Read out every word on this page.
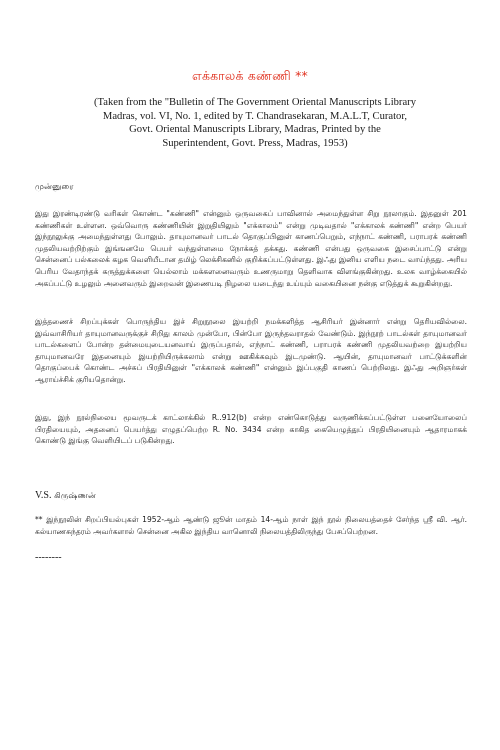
எக்காலக் கண்ணி **
(Taken from the "Bulletin of The Government Oriental Manuscripts Library
Madras, vol. VI, No. 1, edited by T. Chandrasekaran, M.A.L.T, Curator,
Govt. Oriental Manuscripts Library, Madras, Printed by the
Superintendent, Govt. Press, Madras, 1953)
முன்னுரை

இது இரண்டிரண்டு வரிகள் கொண்ட "கண்ணி" என்னும் ஒருவகைப் பாவினால் அமைந்துள்ள சிறு நூலாகும். இதனுள் 201 கண்ணிகள் உள்ளன. ஒவ்வொரு கண்ணியின் இறுதியிலும் "எக்காலம்" என்று முடிவதால் "எக்காலக் கண்ணி" என்ற பெயர் இந்நூலுக்கு அமைந்துள்ளது போலும். தாயுமானவர் பாடல் தொகுப்பினுள் காணப்பெறும், எந்நாட் கண்ணி, பராபரக் கண்ணி முதலியவற்றிற்கும் இங்ஙனமே பெயர் வந்துள்ளமை நோக்கத் தக்கது. கண்ணி என்பது ஒருவகை இசைப்பாட்டு என்று சென்னைப் பல்கலைக் கழக வெளியீடான தமிழ் லெக்சிகனில் குறிக்கப்பட்டுள்ளது. இஃது இனிய எளிய நடை வாய்ந்தது. அரிய பெரிய வேதாந்தக் கருத்துக்களை யெல்லாம் மக்களனைவரும் உணருமாறு தெளிவாக விளங்குகின்றது. உலக வாழ்க்கையில் அகப்பட்டு உழலும் அனைவரும் இறைவன் இணையடி நிழலை யடைந்து உய்யும் வகையினை நன்கு எடுத்துக் கூறுகின்றது.

இத்தணைச் சிறப்புக்கள் பொருந்திய இச் சிறுநூலை இயற்றி நமக்களித்த ஆசிரியர் இன்னார் என்று தெரியவில்லை. இவ்வாசிரியர் தாயுமானவருக்குச் சிறிது காலம் முன்போ, பின்போ இருந்தவராதல் வேண்டும். இந்நூற் பாடல்கள் தாயுமானவர் பாடல்களைப் போன்ற தன்மையுடையனவாய் இருப்பதால், எந்நாட் கண்ணி, பராபரக் கண்ணி முதலியவற்றை இயற்றிய தாயுமானவரே இதனையும் இயற்றியிருக்கலாம் என்று ஊகிக்கவும் இடமுண்டு. ஆயின், தாயுமானவர் பாட்டுக்களின் தொகுப்பைக் கொண்ட அச்சுப் பிரதியினுள் "எக்காலக் கண்ணி" என்னும் இப்பகுதி காணப் பெற்றிலது. இஃது அறிஞர்கள் ஆராய்ச்சிக் குரியதொன்று.

இது, இந் நூல்நிலைய மூவருடக் காட்லாக்கில் R..912(b) என்ற எண்கொடுத்து வருணிக்கப்பட்டுள்ள பனையோலைப் பிரதியையும், அதனைப் பெயர்த்து எழுதப்பெற்ற R. No. 3434 என்ற காகித கையெழுத்துப் பிரதியினையும் ஆதாரமாகக் கொண்டு இங்கு வெளியிடப் படுகின்றது.

V.S. கிருஷ்ணன்

** இந்நூலின் சிறப்பியல்புகள் 1952-ஆம் ஆண்டு ஜூன் மாதம் 14-ஆம் நாள் இந் நூல் நிலையத்தைச் சேர்ந்த ஸ்ரீ வி. ஆர். கல்யாணசுந்தரம் அவர்களால் சென்னை அகில இந்திய வானொலி நிலையத்திலிருந்து பேசப்பெற்றன.

--------
